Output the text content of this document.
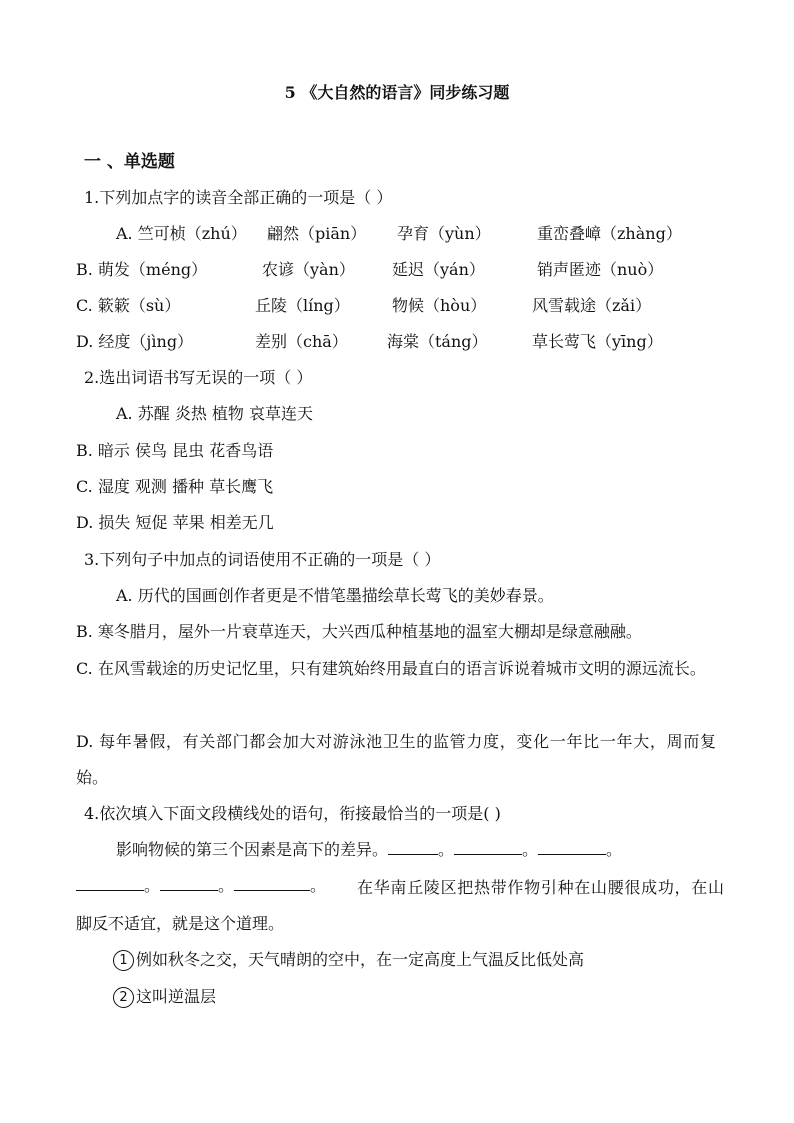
5 《大自然的语言》同步练习题
一 、单选题
1.下列加点字的读音全部正确的一项是（ ）
A. 竺可桢（zhú） 翩然（piān） 孕育（yùn）	重峦叠嶂（zhàng）
B. 萌发（méng）	农谚（yàn） 延迟（yán）	销声匿迹（nuò）
C. 簌簌（sù）	丘陵（líng）	物候（hòu）	风雪载途（zǎi）
D. 经度（jìng）	差别（chā） 海棠（táng）	草长莺飞（yīng）
2.选出词语书写无误的一项（ ）
A. 苏醒 炎热 植物 哀草连天
B. 暗示 侯鸟 昆虫 花香鸟语
C. 湿度 观测 播种 草长鹰飞
D. 损失 短促 苹果 相差无几
3.下列句子中加点的词语使用不正确的一项是（ ）
A. 历代的国画创作者更是不惜笔墨描绘草长莺飞的美妙春景。
B. 寒冬腊月，屋外一片衰草连天，大兴西瓜种植基地的温室大棚却是绿意融融。
C. 在风雪载途的历史记忆里，只有建筑始终用最直白的语言诉说着城市文明的源远流长。
D. 每年暑假，有关部门都会加大对游泳池卫生的监管力度，变化一年比一年大，周而复始。
4.依次填入下面文段横线处的语句，衔接最恰当的一项是( )
影响物候的第三个因素是高下的差异。	。	。	。
。	。	。	在华南丘陵区把热带作物引种在山腰很成功，在山脚反不适宜，就是这个道理。
1 例如秋冬之交，天气晴朗的空中，在一定高度上气温反比低处高
2 这叫逆温层
